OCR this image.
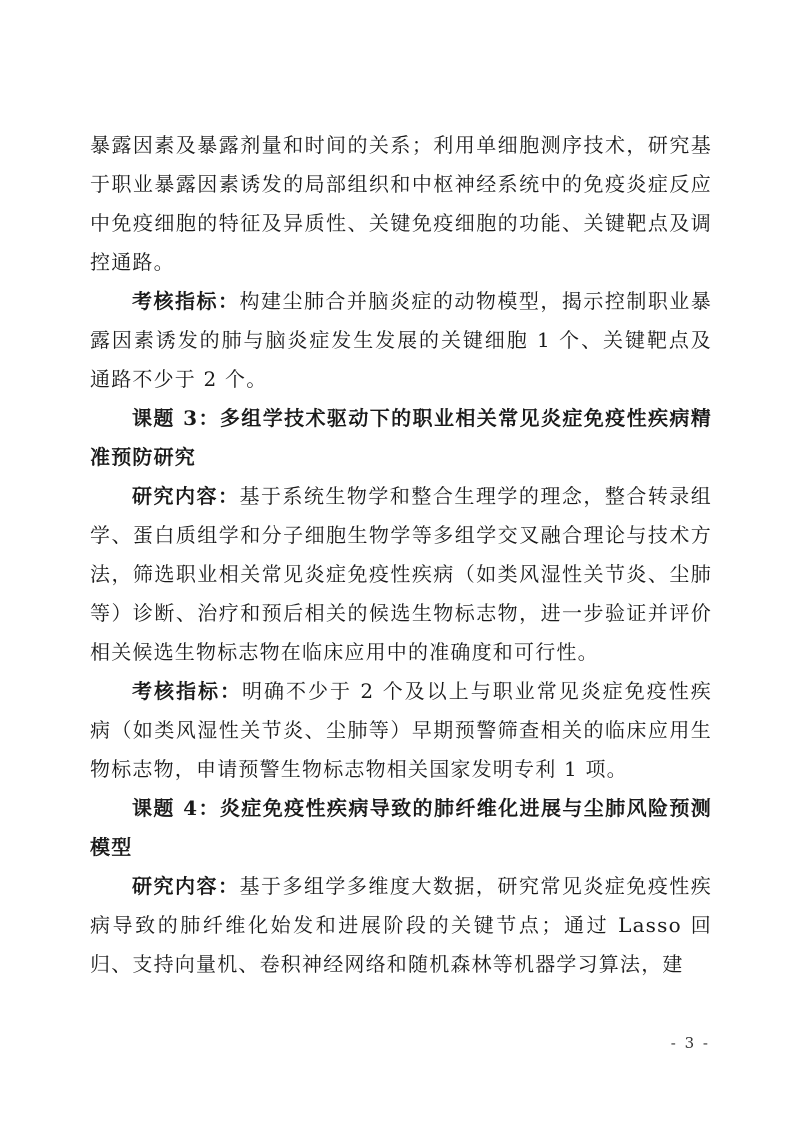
暴露因素及暴露剂量和时间的关系；利用单细胞测序技术，研究基于职业暴露因素诱发的局部组织和中枢神经系统中的免疫炎症反应中免疫细胞的特征及异质性、关键免疫细胞的功能、关键靶点及调控通路。

考核指标：构建尘肺合并脑炎症的动物模型，揭示控制职业暴露因素诱发的肺与脑炎症发生发展的关键细胞 1 个、关键靶点及通路不少于 2 个。

课题 3：多组学技术驱动下的职业相关常见炎症免疫性疾病精准预防研究

研究内容：基于系统生物学和整合生理学的理念，整合转录组学、蛋白质组学和分子细胞生物学等多组学交叉融合理论与技术方法，筛选职业相关常见炎症免疫性疾病（如类风湿性关节炎、尘肺等）诊断、治疗和预后相关的候选生物标志物，进一步验证并评价相关候选生物标志物在临床应用中的准确度和可行性。

考核指标：明确不少于 2 个及以上与职业常见炎症免疫性疾病（如类风湿性关节炎、尘肺等）早期预警筛查相关的临床应用生物标志物，申请预警生物标志物相关国家发明专利 1 项。

课题 4：炎症免疫性疾病导致的肺纤维化进展与尘肺风险预测模型

研究内容：基于多组学多维度大数据，研究常见炎症免疫性疾病导致的肺纤维化始发和进展阶段的关键节点；通过 Lasso 回归、支持向量机、卷积神经网络和随机森林等机器学习算法，建

- 3 -
